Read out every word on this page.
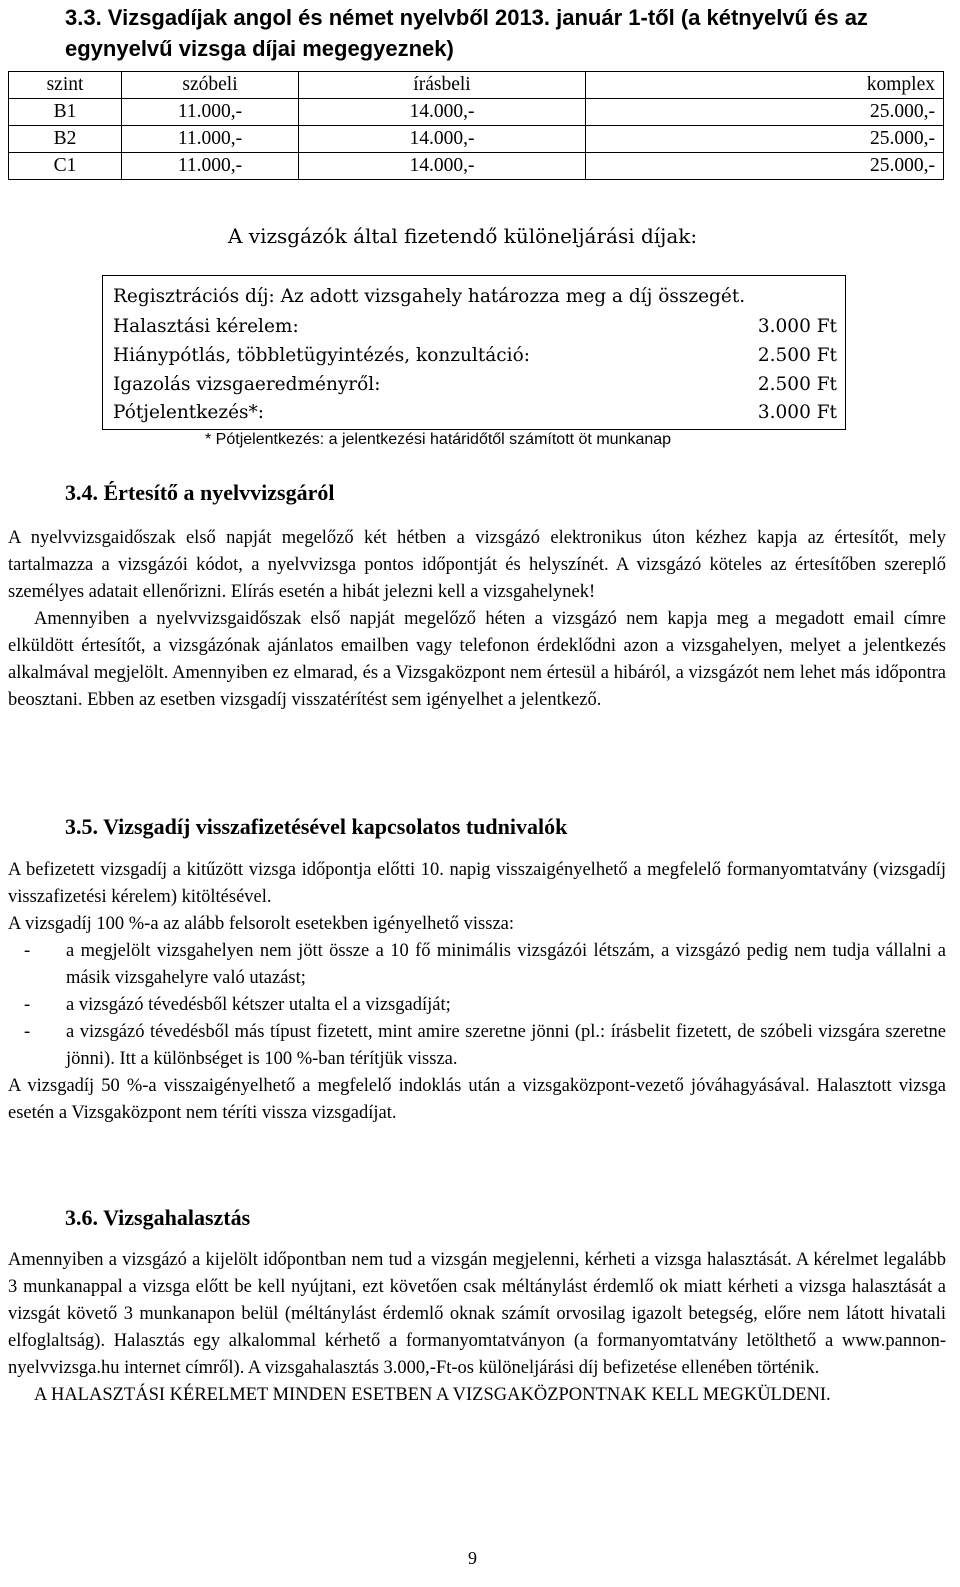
3.3. Vizsgadíjak angol és német nyelvből 2013. január 1-től (a kétnyelvű és az egynyelvű vizsga díjai megegyeznek)
szint	szóbeli	írásbeli	komplex
B1	11.000,-	14.000,-	25.000,-
B2	11.000,-	14.000,-	25.000,-
C1	11.000,-	14.000,-	25.000,-
A vizsgázók által fizetendő különeljárási díjak:
Regisztrációs díj: Az adott vizsgahely határozza meg a díj összegét.
Halasztási kérelem:	3.000 Ft
Hiánypótlás, többletügyintézés, konzultáció:	2.500 Ft
Igazolás vizsgaeredményről:	2.500 Ft
Pótjelentkezés*:	3.000 Ft
* Pótjelentkezés: a jelentkezési határidőtől számított öt munkanap
3.4. Értesítő a nyelvvizsgáról

A nyelvvizsgaidőszak első napját megelőző két hétben a vizsgázó elektronikus úton kézhez kapja az értesítőt, mely tartalmazza a vizsgázói kódot, a nyelvvizsga pontos időpontját és helyszínét. A vizsgázó köteles az értesítőben szereplő személyes adatait ellenőrizni. Elírás esetén a hibát jelezni kell a vizsgahelynek!

Amennyiben a nyelvvizsgaidőszak első napját megelőző héten a vizsgázó nem kapja meg a megadott email címre elküldött értesítőt, a vizsgázónak ajánlatos emailben vagy telefonon érdeklődni azon a vizsgahelyen, melyet a jelentkezés alkalmával megjelölt. Amennyiben ez elmarad, és a Vizsgaközpont nem értesül a hibáról, a vizsgázót nem lehet más időpontra beosztani. Ebben az esetben vizsgadíj visszatérítést sem igényelhet a jelentkező.

3.5. Vizsgadíj visszafizetésével kapcsolatos tudnivalók

A befizetett vizsgadíj a kitűzött vizsga időpontja előtti 10. napig visszaigényelhető a megfelelő formanyomtatvány (vizsgadíj visszafizetési kérelem) kitöltésével.

A vizsgadíj 100 %-a az alább felsorolt esetekben igényelhető vissza:

- a megjelölt vizsgahelyen nem jött össze a 10 fő minimális vizsgázói létszám, a vizsgázó pedig nem tudja vállalni a másik vizsgahelyre való utazást;

- a vizsgázó tévedésből kétszer utalta el a vizsgadíját;

- a vizsgázó tévedésből más típust fizetett, mint amire szeretne jönni (pl.: írásbelit fizetett, de szóbeli vizsgára szeretne jönni). Itt a különbséget is 100 %-ban térítjük vissza.

A vizsgadíj 50 %-a visszaigényelhető a megfelelő indoklás után a vizsgaközpont-vezető jóváhagyásával. Halasztott vizsga esetén a Vizsgaközpont nem téríti vissza vizsgadíjat.

3.6. Vizsgahalasztás

Amennyiben a vizsgázó a kijelölt időpontban nem tud a vizsgán megjelenni, kérheti a vizsga halasztását. A kérelmet legalább 3 munkanappal a vizsga előtt be kell nyújtani, ezt követően csak méltánylást érdemlő ok miatt kérheti a vizsga halasztását a vizsgát követő 3 munkanapon belül (méltánylást érdemlő oknak számít orvosilag igazolt betegség, előre nem látott hivatali elfoglaltság). Halasztás egy alkalommal kérhető a formanyomtatványon (a formanyomtatvány letölthető a www.pannon-nyelvvizsga.hu internet címről). A vizsgahalasztás 3.000,-Ft-os különeljárási díj befizetése ellenében történik.

A HALASZTÁSI KÉRELMET MINDEN ESETBEN A VIZSGAKÖZPONTNAK KELL MEGKÜLDENI.

9
